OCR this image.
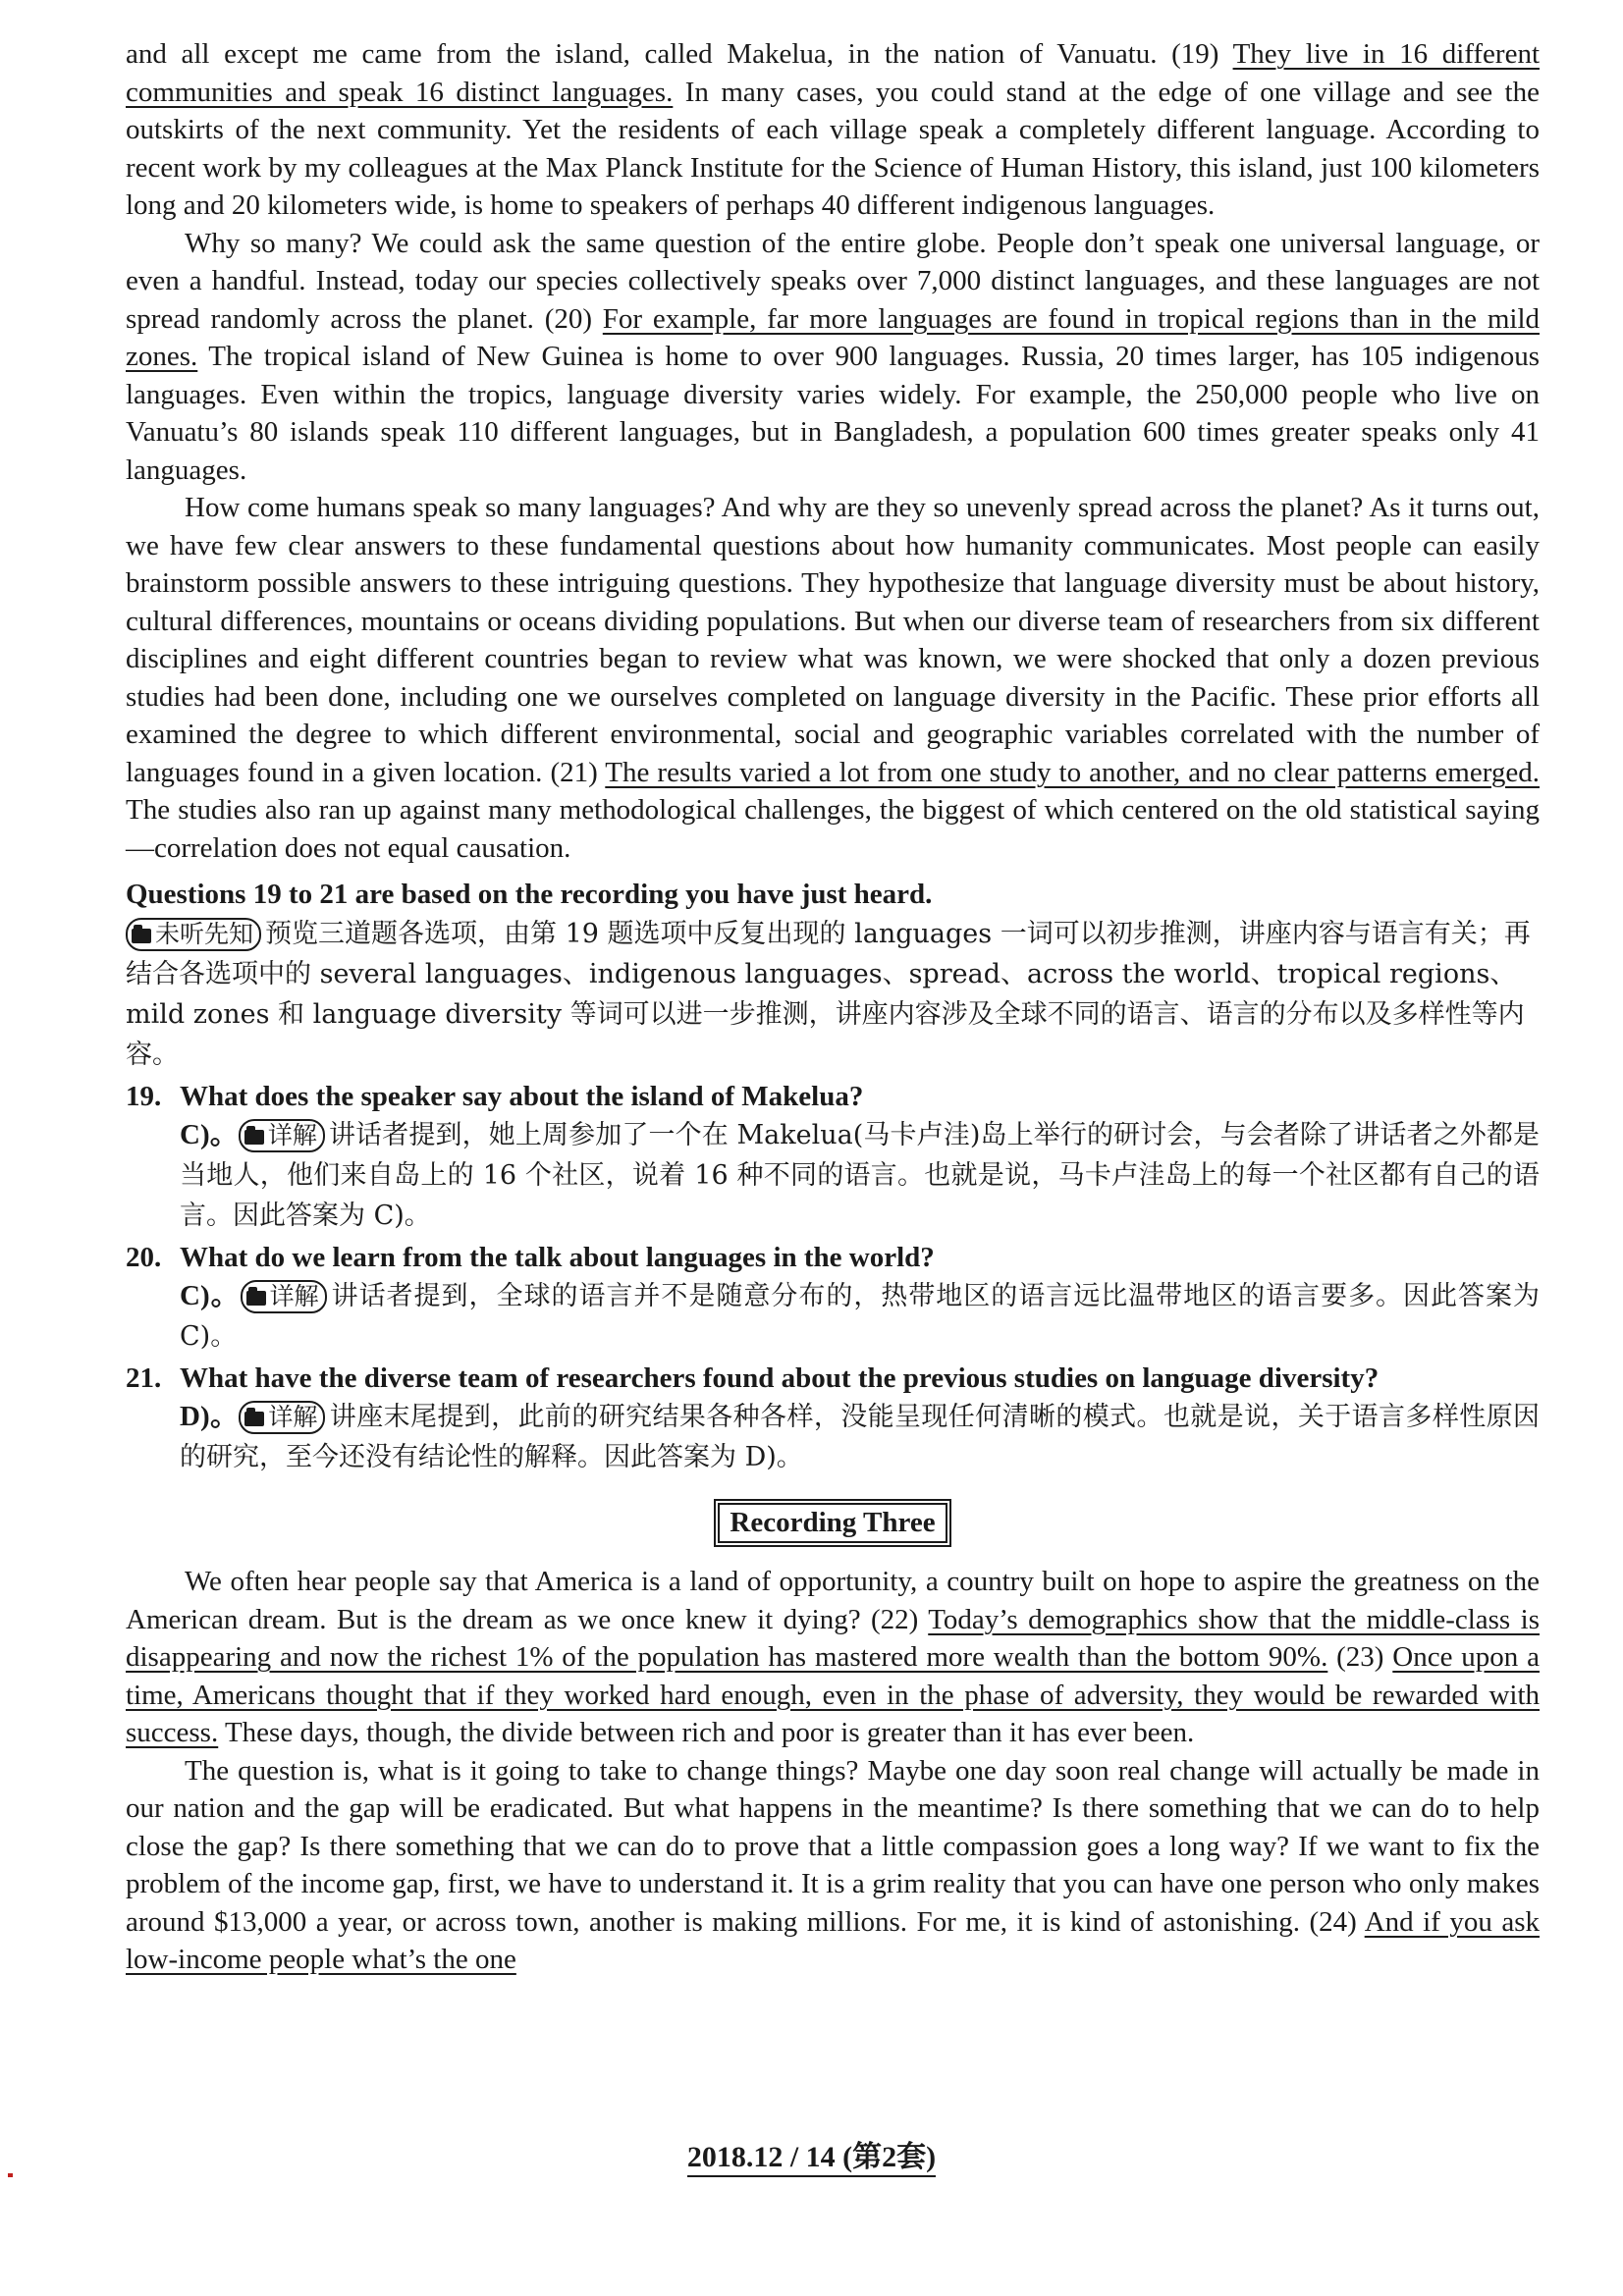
and all except me came from the island, called Makelua, in the nation of Vanuatu. (19) They live in 16 different communities and speak 16 distinct languages. In many cases, you could stand at the edge of one village and see the outskirts of the next community. Yet the residents of each village speak a completely different language. According to recent work by my colleagues at the Max Planck Institute for the Science of Human History, this island, just 100 kilometers long and 20 kilometers wide, is home to speakers of perhaps 40 different indigenous languages.

Why so many? We could ask the same question of the entire globe. People don’t speak one universal language, or even a handful. Instead, today our species collectively speaks over 7,000 distinct languages, and these languages are not spread randomly across the planet. (20) For example, far more languages are found in tropical regions than in the mild zones. The tropical island of New Guinea is home to over 900 languages. Russia, 20 times larger, has 105 indigenous languages. Even within the tropics, language diversity varies widely. For example, the 250,000 people who live on Vanuatu’s 80 islands speak 110 different languages, but in Bangladesh, a population 600 times greater speaks only 41 languages.

How come humans speak so many languages? And why are they so unevenly spread across the planet? As it turns out, we have few clear answers to these fundamental questions about how humanity communicates. Most people can easily brainstorm possible answers to these intriguing questions. They hypothesize that language diversity must be about history, cultural differences, mountains or oceans dividing populations. But when our diverse team of researchers from six different disciplines and eight different countries began to review what was known, we were shocked that only a dozen previous studies had been done, including one we ourselves completed on language diversity in the Pacific. These prior efforts all examined the degree to which different environmental, social and geographic variables correlated with the number of languages found in a given location. (21) The results varied a lot from one study to another, and no clear patterns emerged. The studies also ran up against many methodological challenges, the biggest of which centered on the old statistical saying—correlation does not equal causation.

Questions 19 to 21 are based on the recording you have just heard.
未听先知 预览三道题各选项，由第 19 题选项中反复出现的 languages 一词可以初步推测，讲座内容与语言有关；再结合各选项中的 several languages、indigenous languages、spread、across the world、tropical regions、mild zones 和 language diversity 等词可以进一步推测，讲座内容涉及全球不同的语言、语言的分布以及多样性等内容。
19. What does the speaker say about the island of Makelua?
C)。 详解 讲话者提到，她上周参加了一个在 Makelua(马卡卢洼)岛上举行的研讨会，与会者除了讲话者之外都是当地人，他们来自岛上的 16 个社区，说着 16 种不同的语言。也就是说，马卡卢洼岛上的每一个社区都有自己的语言。因此答案为 C)。
20. What do we learn from the talk about languages in the world?
C)。 详解 讲话者提到，全球的语言并不是随意分布的，热带地区的语言远比温带地区的语言要多。因此答案为 C)。
21. What have the diverse team of researchers found about the previous studies on language diversity?
D)。 详解 讲座末尾提到，此前的研究结果各种各样，没能呈现任何清晰的模式。也就是说，关于语言多样性原因的研究，至今还没有结论性的解释。因此答案为 D)。
Recording Three

We often hear people say that America is a land of opportunity, a country built on hope to aspire the greatness on the American dream. But is the dream as we once knew it dying? (22) Today’s demographics show that the middle-class is disappearing and now the richest 1% of the population has mastered more wealth than the bottom 90%. (23) Once upon a time, Americans thought that if they worked hard enough, even in the phase of adversity, they would be rewarded with success. These days, though, the divide between rich and poor is greater than it has ever been.

The question is, what is it going to take to change things? Maybe one day soon real change will actually be made in our nation and the gap will be eradicated. But what happens in the meantime? Is there something that we can do to help close the gap? Is there something that we can do to prove that a little compassion goes a long way? If we want to fix the problem of the income gap, first, we have to understand it. It is a grim reality that you can have one person who only makes around $13,000 a year, or across town, another is making millions. For me, it is kind of astonishing. (24) And if you ask low-income people what’s the one

2018.12 / 14 (第2套)
